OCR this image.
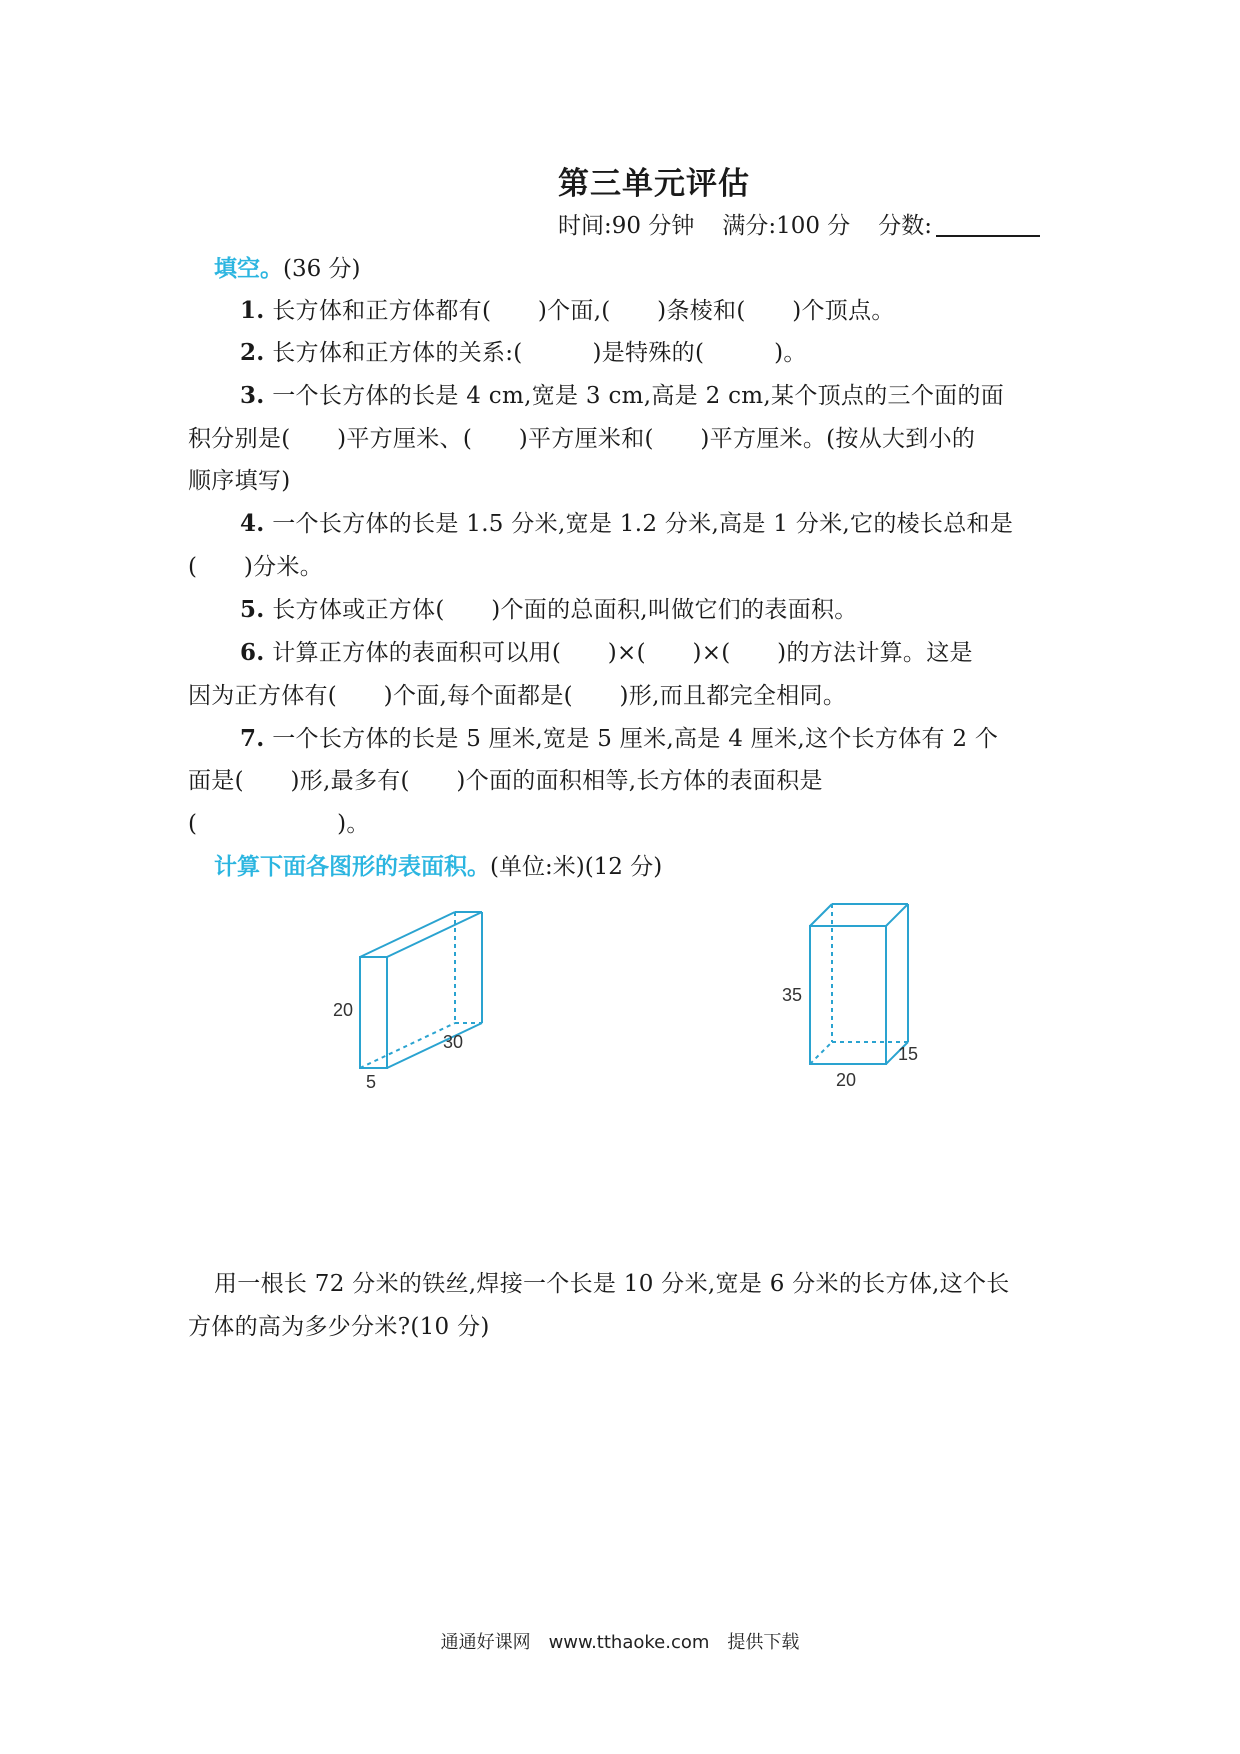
第三单元评估
时间:90 分钟 满分:100 分 分数:
填空。(36 分)
1. 长方体和正方体都有(　　)个面,(　　)条棱和(　　)个顶点。
2. 长方体和正方体的关系:(　　　)是特殊的(　　　)。
3. 一个长方体的长是 4 cm,宽是 3 cm,高是 2 cm,某个顶点的三个面的面
积分别是(　　)平方厘米、(　　)平方厘米和(　　)平方厘米。(按从大到小的
顺序填写)
4. 一个长方体的长是 1.5 分米,宽是 1.2 分米,高是 1 分米,它的棱长总和是
(　　)分米。
5. 长方体或正方体(　　)个面的总面积,叫做它们的表面积。
6. 计算正方体的表面积可以用(　　)×(　　)×(　　)的方法计算。这是
因为正方体有(　　)个面,每个面都是(　　)形,而且都完全相同。
7. 一个长方体的长是 5 厘米,宽是 5 厘米,高是 4 厘米,这个长方体有 2 个
面是(　　)形,最多有(　　)个面的面积相等,长方体的表面积是
(　　　　　　)。
计算下面各图形的表面积。(单位:米)(12 分)
20
30
5
35
15
20
用一根长 72 分米的铁丝,焊接一个长是 10 分米,宽是 6 分米的长方体,这个长
方体的高为多少分米?(10 分)
通通好课网　www.tthaoke.com　提供下载
